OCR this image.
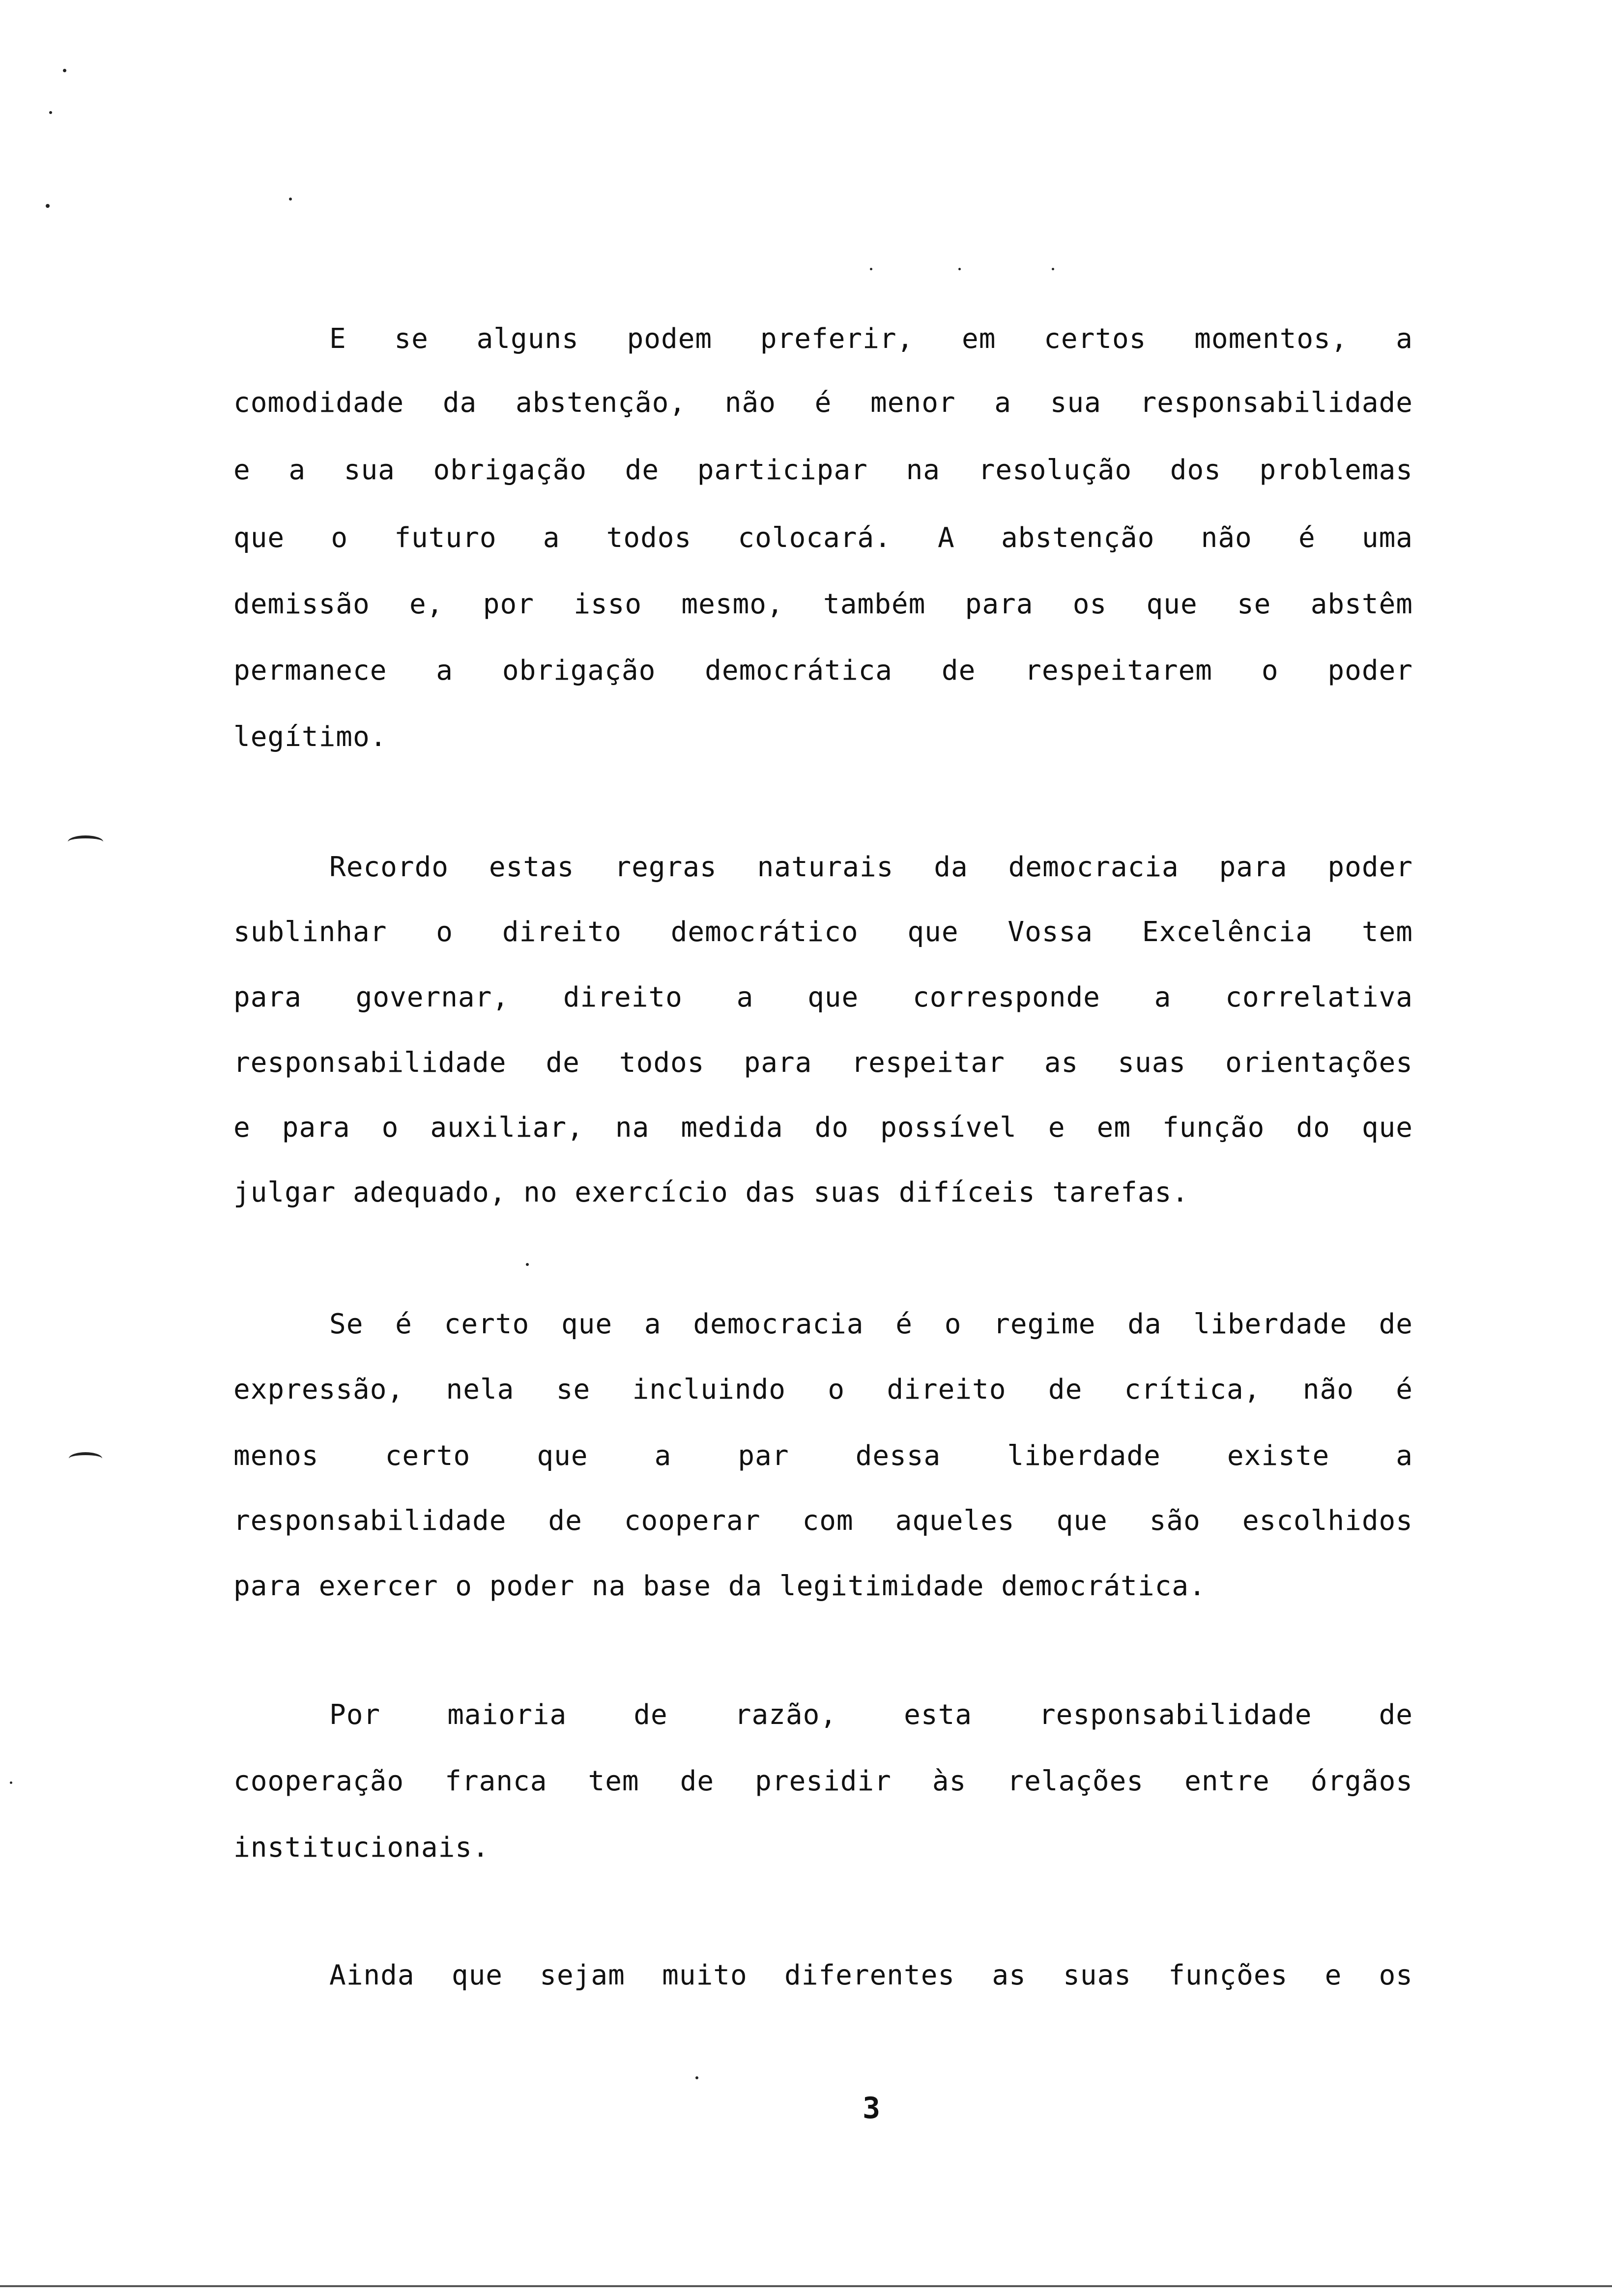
E se alguns podem preferir, em certos momentos, a
comodidade da abstenção, não é menor a sua responsabilidade
e a sua obrigação de participar na resolução dos problemas
que o futuro a todos colocará. A abstenção não é uma
demissão e, por isso mesmo, também para os que se abstêm
permanece a obrigação democrática de respeitarem o poder
legítimo.
Recordo estas regras naturais da democracia para poder
sublinhar o direito democrático que Vossa Excelência tem
para governar, direito a que corresponde a correlativa
responsabilidade de todos para respeitar as suas orientações
e para o auxiliar, na medida do possível e em função do que
julgar adequado, no exercício das suas difíceis tarefas.
Se é certo que a democracia é o regime da liberdade de
expressão, nela se incluindo o direito de crítica, não é
menos certo que a par dessa liberdade existe a
responsabilidade de cooperar com aqueles que são escolhidos
para exercer o poder na base da legitimidade democrática.
Por maioria de razão, esta responsabilidade de
cooperação franca tem de presidir às relações entre órgãos
institucionais.
Ainda que sejam muito diferentes as suas funções e os
3
